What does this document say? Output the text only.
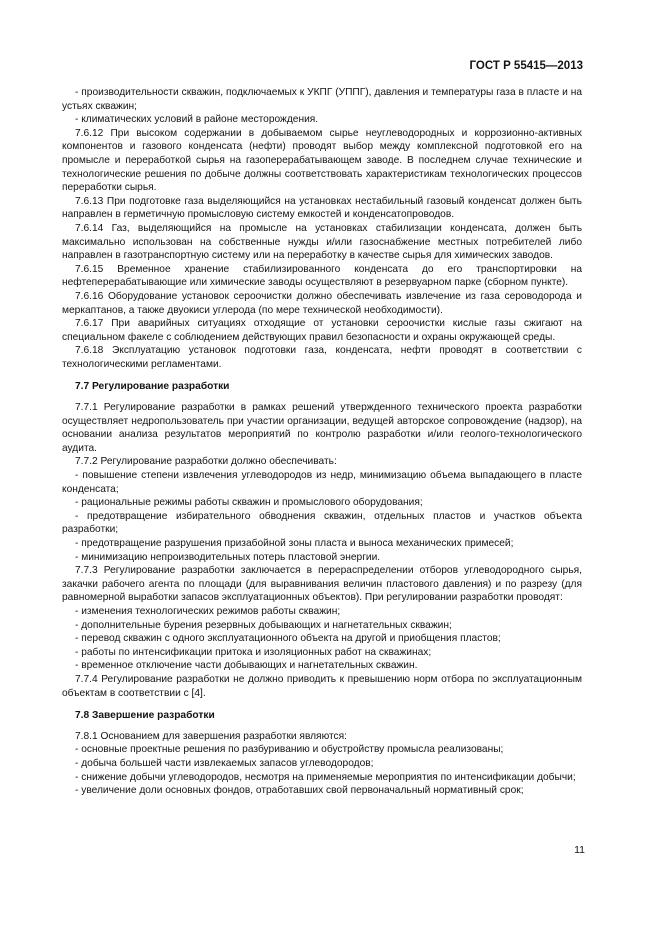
ГОСТ Р 55415—2013

- производительности скважин, подключаемых к УКПГ (УППГ), давления и температуры газа в пласте и на устьях скважин;

- климатических условий в районе месторождения.

7.6.12 При высоком содержании в добываемом сырье неуглеводородных и коррозионно-активных компонентов и газового конденсата (нефти) проводят выбор между комплексной подготовкой его на промысле и переработкой сырья на газоперерабатывающем заводе. В последнем случае технические и технологические решения по добыче должны соответствовать характеристикам технологических процессов переработки сырья.

7.6.13 При подготовке газа выделяющийся на установках нестабильный газовый конденсат должен быть направлен в герметичную промысловую систему емкостей и конденсатопроводов.

7.6.14 Газ, выделяющийся на промысле на установках стабилизации конденсата, должен быть максимально использован на собственные нужды и/или газоснабжение местных потребителей либо направлен в газотранспортную систему или на переработку в качестве сырья для химических заводов.

7.6.15 Временное хранение стабилизированного конденсата до его транспортировки на нефтеперерабатывающие или химические заводы осуществляют в резервуарном парке (сборном пункте).

7.6.16 Оборудование установок сероочистки должно обеспечивать извлечение из газа сероводорода и меркаптанов, а также двуокиси углерода (по мере технической необходимости).

7.6.17 При аварийных ситуациях отходящие от установки сероочистки кислые газы сжигают на специальном факеле с соблюдением действующих правил безопасности и охраны окружающей среды.

7.6.18 Эксплуатацию установок подготовки газа, конденсата, нефти проводят в соответствии с технологическими регламентами.

7.7 Регулирование разработки

7.7.1 Регулирование разработки в рамках решений утвержденного технического проекта разработки осуществляет недропользователь при участии организации, ведущей авторское сопровождение (надзор), на основании анализа результатов мероприятий по контролю разработки и/или геолого-технологического аудита.

7.7.2 Регулирование разработки должно обеспечивать:

- повышение степени извлечения углеводородов из недр, минимизацию объема выпадающего в пласте конденсата;

- рациональные режимы работы скважин и промыслового оборудования;

- предотвращение избирательного обводнения скважин, отдельных пластов и участков объекта разработки;

- предотвращение разрушения призабойной зоны пласта и выноса механических примесей;

- минимизацию непроизводительных потерь пластовой энергии.

7.7.3 Регулирование разработки заключается в перераспределении отборов углеводородного сырья, закачки рабочего агента по площади (для выравнивания величин пластового давления) и по разрезу (для равномерной выработки запасов эксплуатационных объектов). При регулировании разработки проводят:

- изменения технологических режимов работы скважин;

- дополнительные бурения резервных добывающих и нагнетательных скважин;

- перевод скважин с одного эксплуатационного объекта на другой и приобщения пластов;

- работы по интенсификации притока и изоляционных работ на скважинах;

- временное отключение части добывающих и нагнетательных скважин.

7.7.4 Регулирование разработки не должно приводить к превышению норм отбора по эксплуатационным объектам в соответствии с [4].

7.8 Завершение разработки

7.8.1 Основанием для завершения разработки являются:

- основные проектные решения по разбуриванию и обустройству промысла реализованы;

- добыча большей части извлекаемых запасов углеводородов;

- снижение добычи углеводородов, несмотря на применяемые мероприятия по интенсификации добычи;

- увеличение доли основных фондов, отработавших свой первоначальный нормативный срок;

11
